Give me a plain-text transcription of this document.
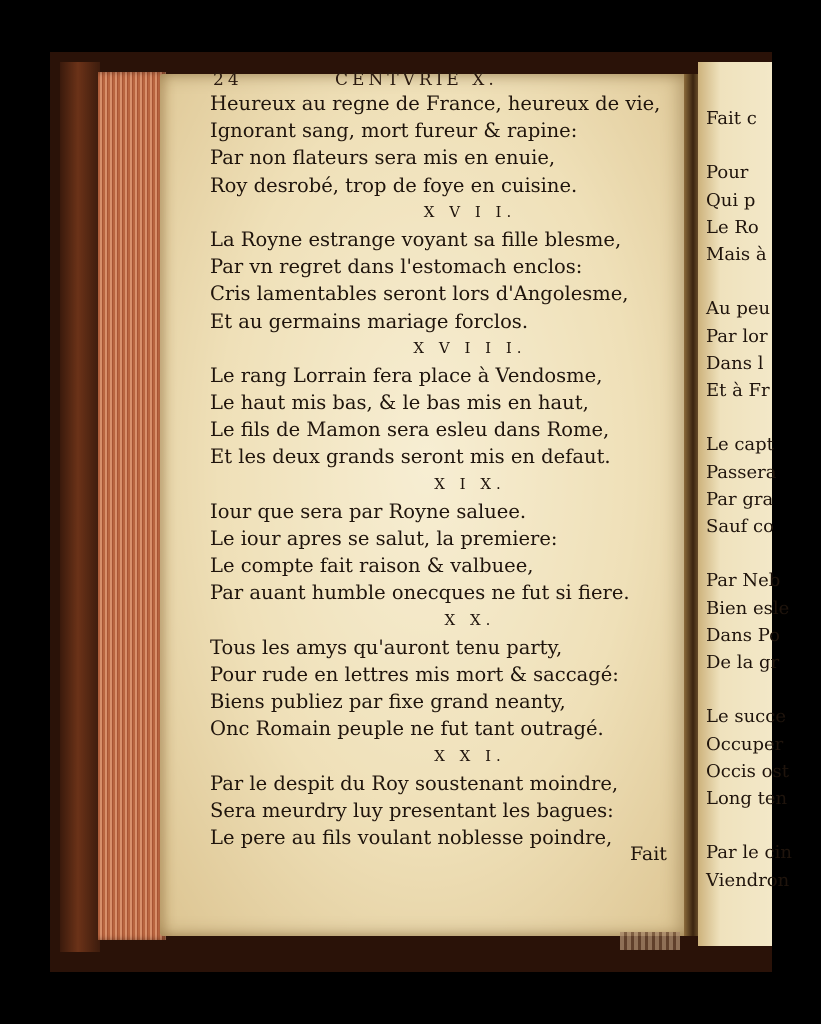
Fait c
Pour
Qui p
Le Ro
Mais à
Au peu
Par lor
Dans l
Et à Fr
Le capt
Passera
Par gra
Sauf co
Par Neb
Bien esle
Dans Po
De la gr
Le succe
Occuper
Occis ost
Long ten
Par le cin
Viendron
24	CENTVRIE X.
Heureux au regne de France, heureux de vie,
Ignorant sang, mort fureur & rapine:
Par non flateurs sera mis en enuie,
Roy desrobé, trop de foye en cuisine.
X V I I.
La Royne estrange voyant sa fille blesme,
Par vn regret dans l'estomach enclos:
Cris lamentables seront lors d'Angolesme,
Et au germains mariage forclos.
X V I I I.
Le rang Lorrain fera place à Vendosme,
Le haut mis bas, & le bas mis en haut,
Le fils de Mamon sera esleu dans Rome,
Et les deux grands seront mis en defaut.
X I X.
Iour que sera par Royne saluee.
Le iour apres se salut, la premiere:
Le compte fait raison & valbuee,
Par auant humble onecques ne fut si fiere.
X X.
Tous les amys qu'auront tenu party,
Pour rude en lettres mis mort & saccagé:
Biens publiez par fixe grand neanty,
Onc Romain peuple ne fut tant outragé.
X X I.
Par le despit du Roy soustenant moindre,
Sera meurdry luy presentant les bagues:
Le pere au fils voulant noblesse poindre,
Fait
